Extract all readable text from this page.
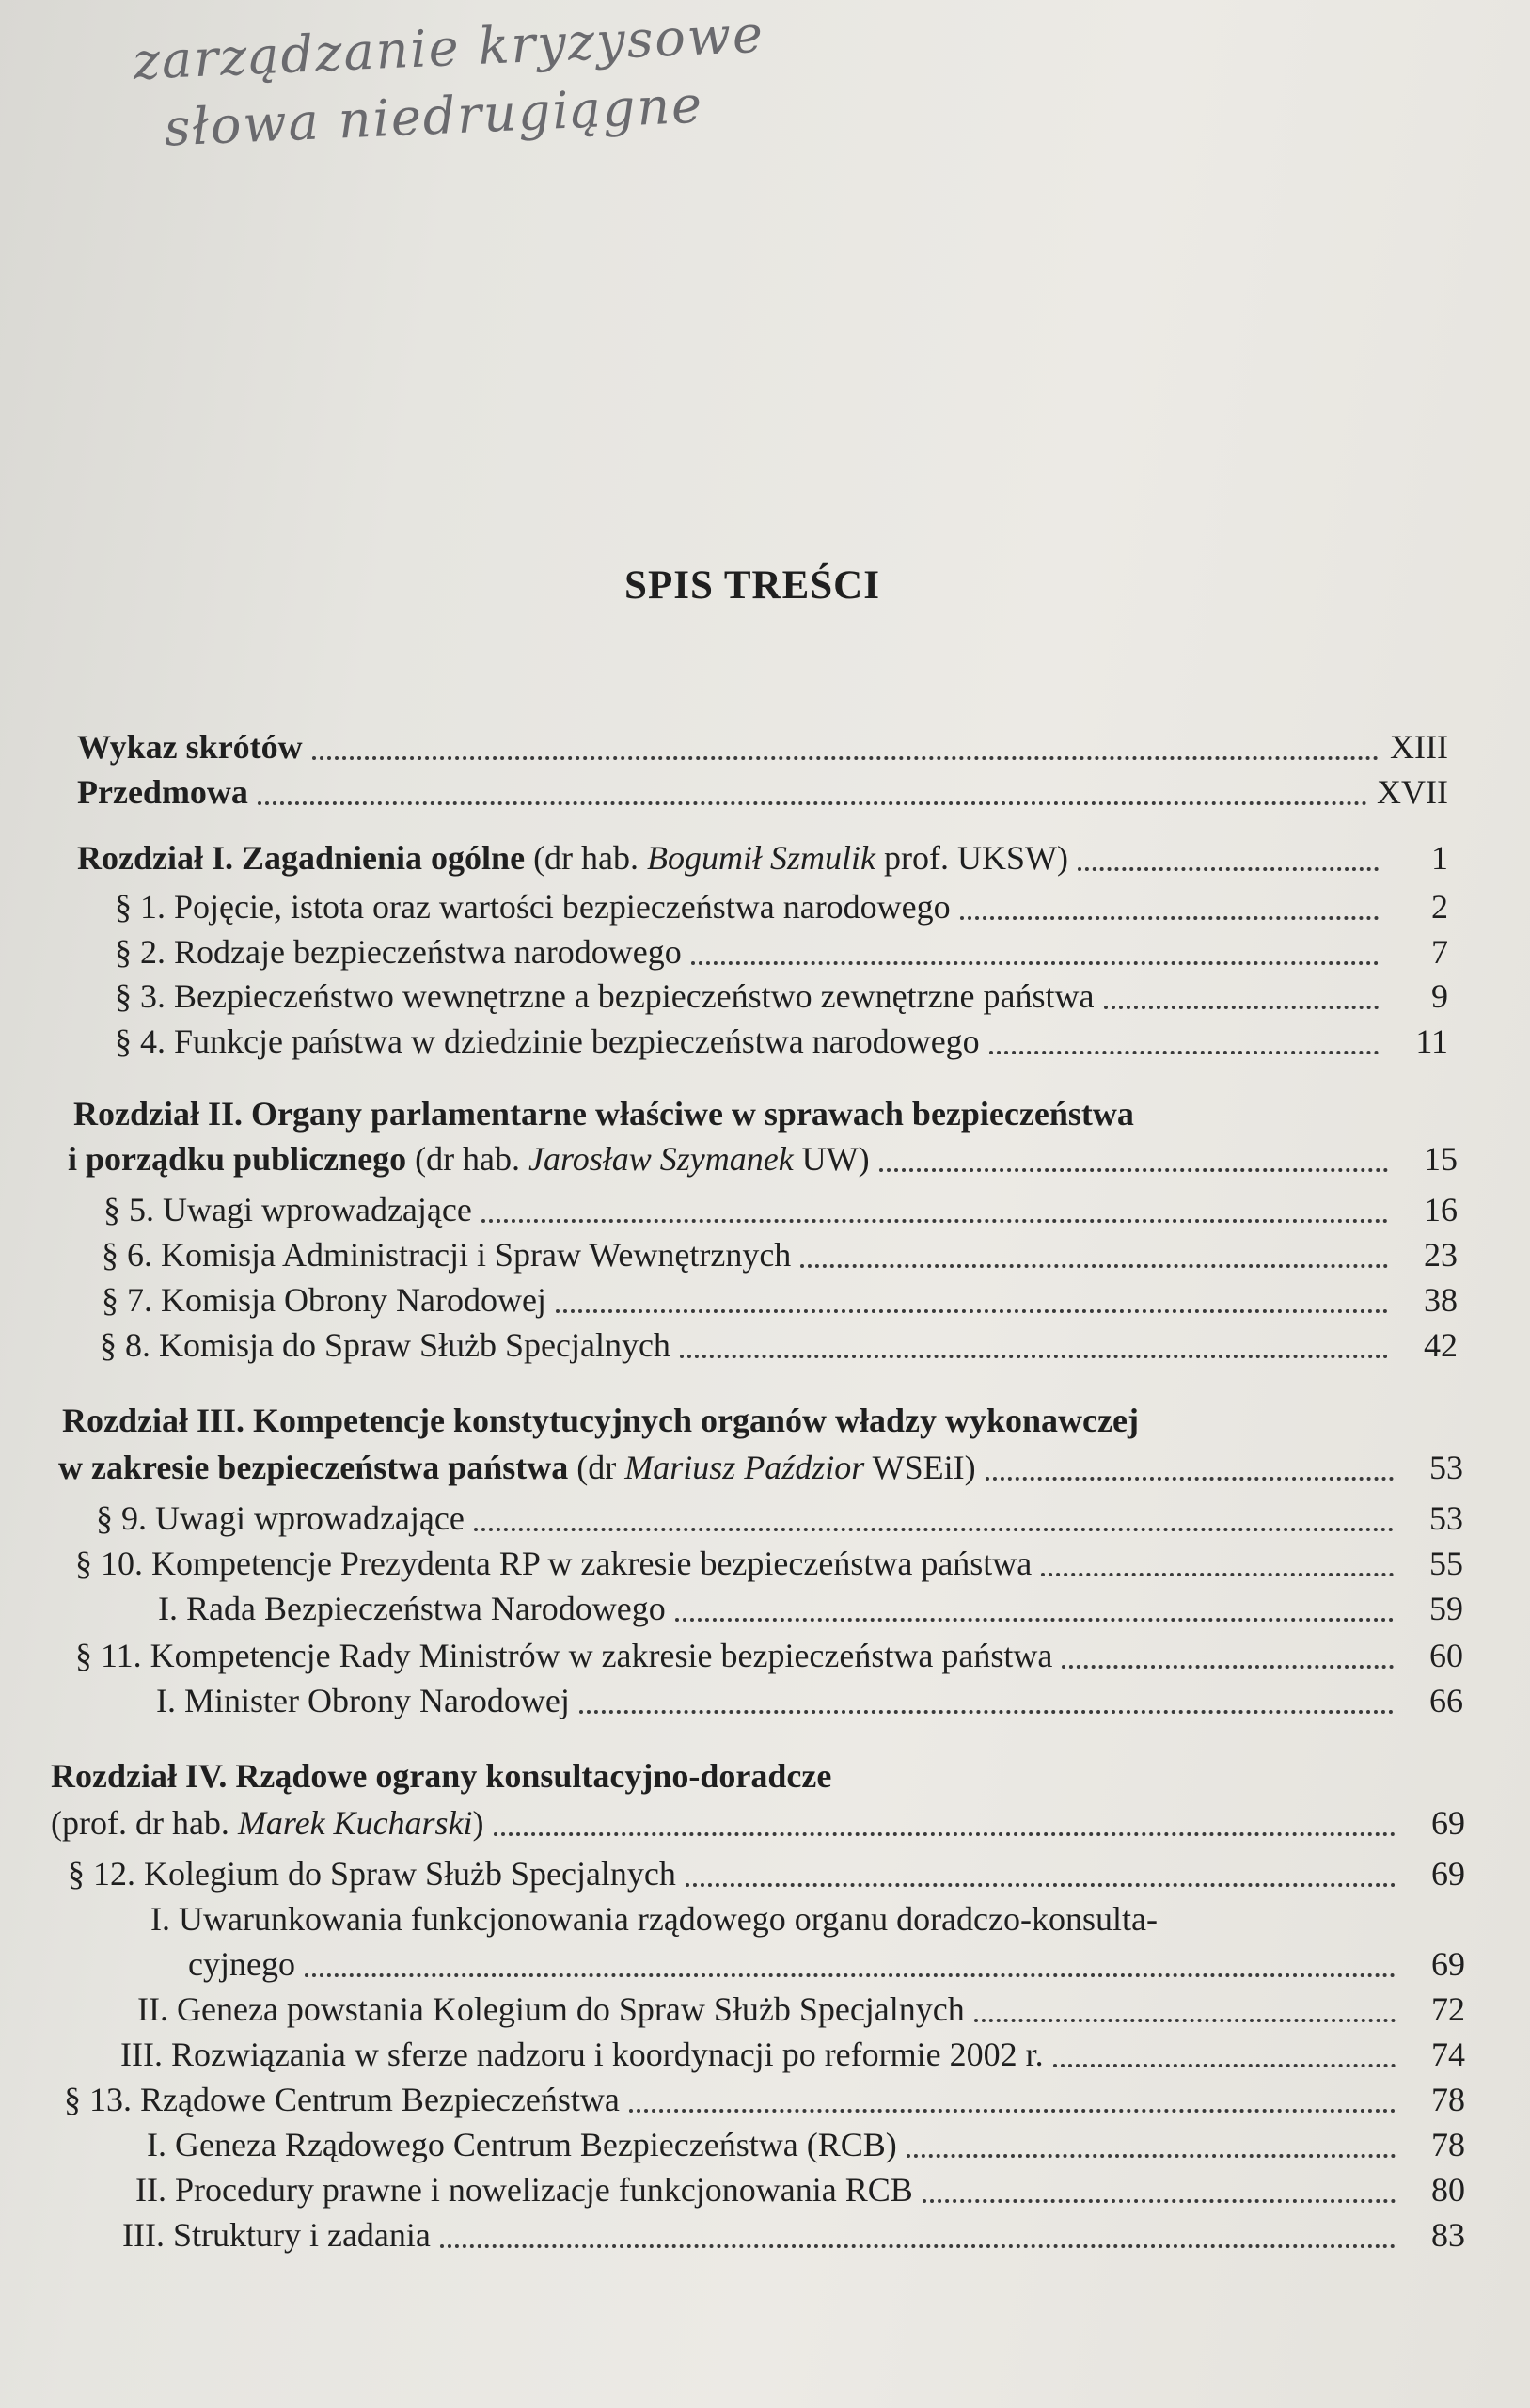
zarządzanie kryzysowe
słowa niedrugiągne
SPIS TREŚCI
Wykaz skrótów	XIII
Przedmowa	XVII
Rozdział I. Zagadnienia ogólne (dr hab. Bogumił Szmulik prof. UKSW)	1
§ 1. Pojęcie, istota oraz wartości bezpieczeństwa narodowego	2
§ 2. Rodzaje bezpieczeństwa narodowego	7
§ 3. Bezpieczeństwo wewnętrzne a bezpieczeństwo zewnętrzne państwa	9
§ 4. Funkcje państwa w dziedzinie bezpieczeństwa narodowego	11
Rozdział II. Organy parlamentarne właściwe w sprawach bezpieczeństwa
i porządku publicznego (dr hab. Jarosław Szymanek UW)	15
§ 5. Uwagi wprowadzające	16
§ 6. Komisja Administracji i Spraw Wewnętrznych	23
§ 7. Komisja Obrony Narodowej	38
§ 8. Komisja do Spraw Służb Specjalnych	42
Rozdział III. Kompetencje konstytucyjnych organów władzy wykonawczej
w zakresie bezpieczeństwa państwa (dr Mariusz Paździor WSEiI)	53
§ 9. Uwagi wprowadzające	53
§ 10. Kompetencje Prezydenta RP w zakresie bezpieczeństwa państwa	55
I. Rada Bezpieczeństwa Narodowego	59
§ 11. Kompetencje Rady Ministrów w zakresie bezpieczeństwa państwa	60
I. Minister Obrony Narodowej	66
Rozdział IV. Rządowe ograny konsultacyjno-doradcze
(prof. dr hab. Marek Kucharski)	69
§ 12. Kolegium do Spraw Służb Specjalnych	69
I. Uwarunkowania funkcjonowania rządowego organu doradczo-konsulta-
cyjnego	69
II. Geneza powstania Kolegium do Spraw Służb Specjalnych	72
III. Rozwiązania w sferze nadzoru i koordynacji po reformie 2002 r.	74
§ 13. Rządowe Centrum Bezpieczeństwa	78
I. Geneza Rządowego Centrum Bezpieczeństwa (RCB)	78
II. Procedury prawne i nowelizacje funkcjonowania RCB	80
III. Struktury i zadania	83
